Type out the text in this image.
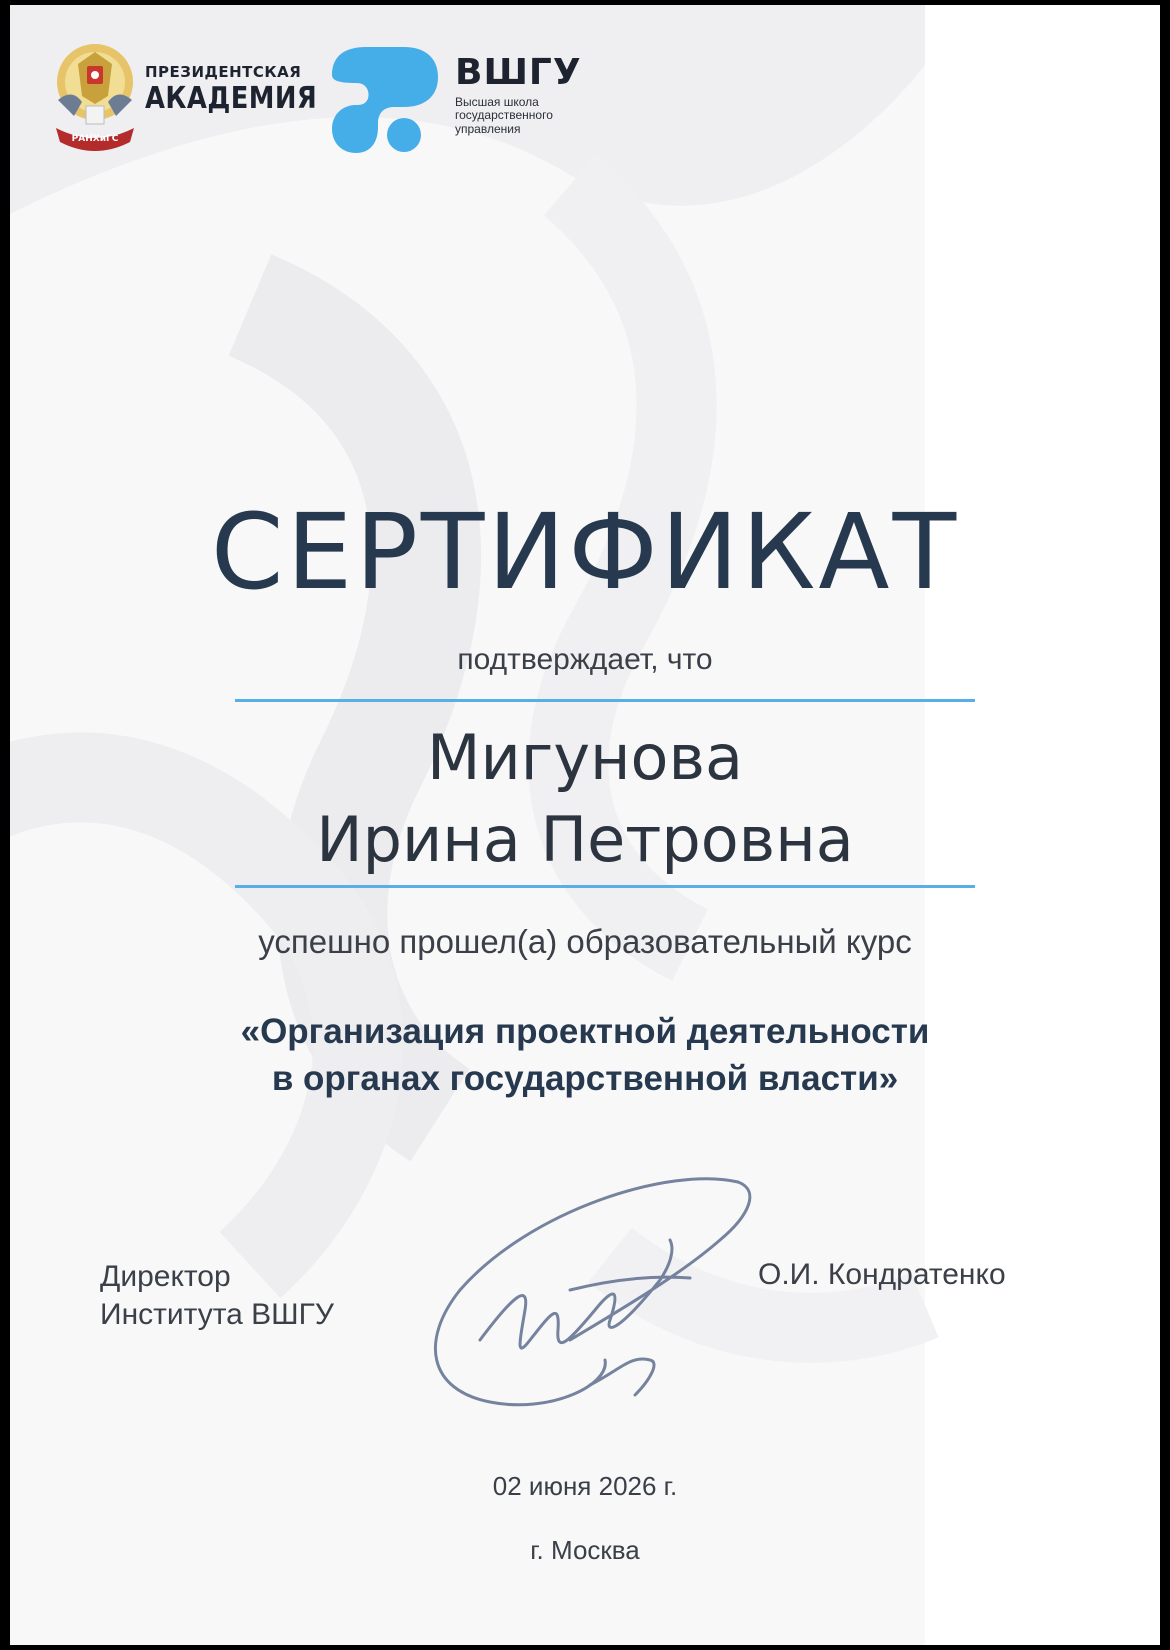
РАНХиГС
ПРЕЗИДЕНТСКАЯ
АКАДЕМИЯ
ВШГУ
Высшая школа
государственного
управления
СЕРТИФИКАТ
подтверждает, что
Мигунова
Ирина Петровна
успешно прошел(а) образовательный курс
«Организация проектной деятельности
в органах государственной власти»
Директор
Института ВШГУ
О.И. Кондратенко
02 июня 2026 г.
г. Москва
